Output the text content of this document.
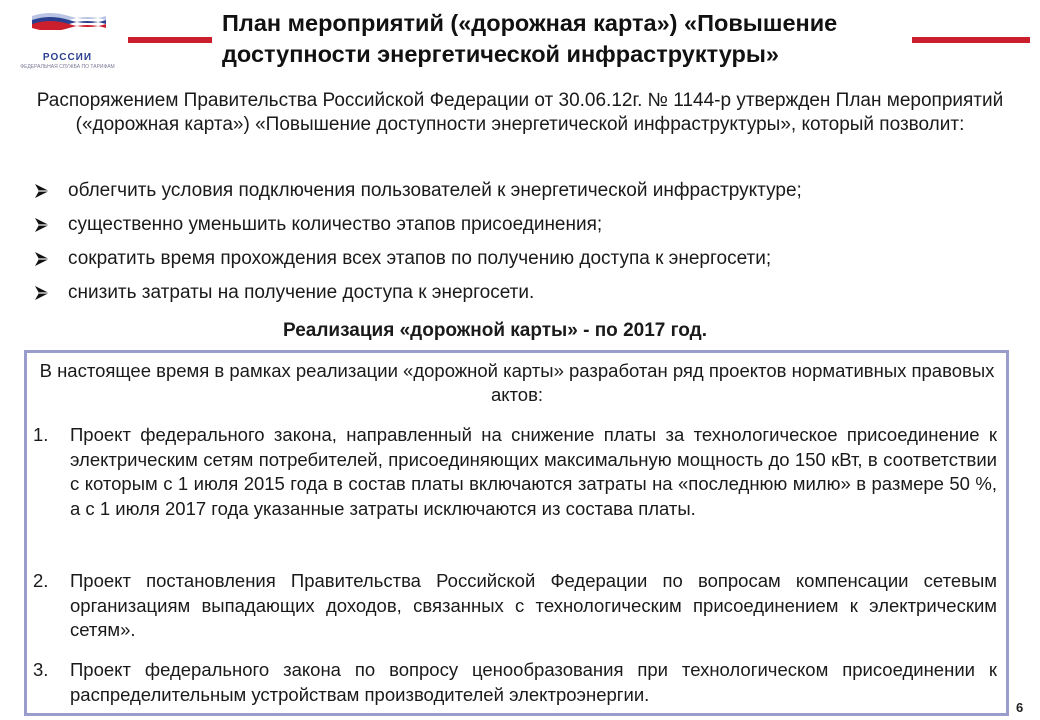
РОССИИ
ФЕДЕРАЛЬНАЯ СЛУЖБА ПО ТАРИФАМ
План мероприятий («дорожная карта») «Повышение
доступности энергетической инфраструктуры»

Распоряжением Правительства Российской Федерации от 30.06.12г. № 1144-р утвержден План мероприятий («дорожная карта») «Повышение доступности энергетической инфраструктуры», который позволит:

облегчить условия подключения пользователей к энергетической инфраструктуре;
существенно уменьшить количество этапов присоединения;
сократить время прохождения всех этапов по получению доступа к энергосети;
снизить затраты на получение доступа к энергосети.

Реализация «дорожной карты» - по 2017 год.

В настоящее время в рамках реализации «дорожной карты» разработан ряд проектов нормативных правовых актов:

1. Проект федерального закона, направленный на снижение платы за технологическое присоединение к электрическим сетям потребителей, присоединяющих максимальную мощность до 150 кВт, в соответствии с которым с 1 июля 2015 года в состав платы включаются затраты на «последнюю милю» в размере 50 %, а с 1 июля 2017 года указанные затраты исключаются из состава платы.

2. Проект постановления Правительства Российской Федерации по вопросам компенсации сетевым организациям выпадающих доходов, связанных с технологическим присоединением к электрическим сетям».

3. Проект федерального закона по вопросу ценообразования при технологическом присоединении к распределительным устройствам производителей электроэнергии.

6
